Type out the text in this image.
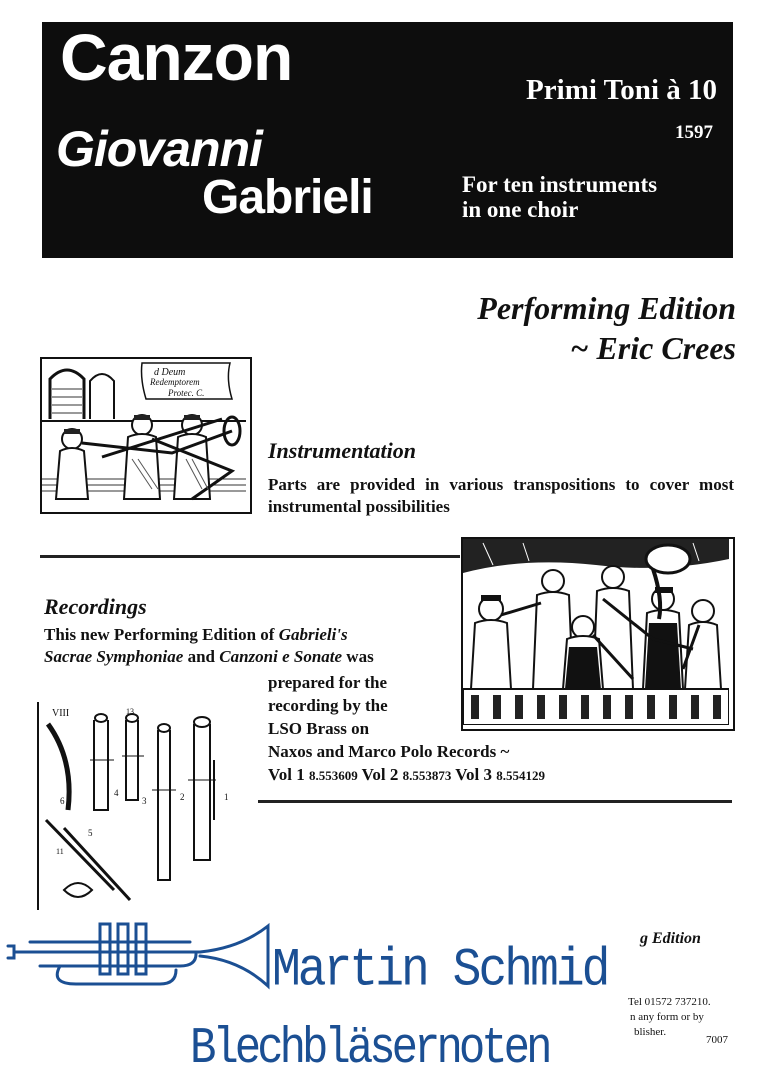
Canzon
Giovanni
Gabrieli
Primi Toni à 10
1597
For ten instruments
in one choir
Performing Edition
~ Eric Crees
d Deum
Redemptorem
Protec. C.
Instrumentation
Parts are provided in various transpositions to cover most instrumental possibilities
Recordings
This new Performing Edition of Gabrieli's
Sacrae Symphoniae and Canzoni e Sonate was
prepared for the
recording by the
LSO Brass on
Naxos and Marco Polo Records ~
Vol 1 8.553609 Vol 2 8.553873 Vol 3 8.554129
VIII	13
6
4
3	2	1
5
11
g Edition
Tel 01572 737210.
n any form or by
blisher.
7007
Martin Schmid
Blechbläsernoten
